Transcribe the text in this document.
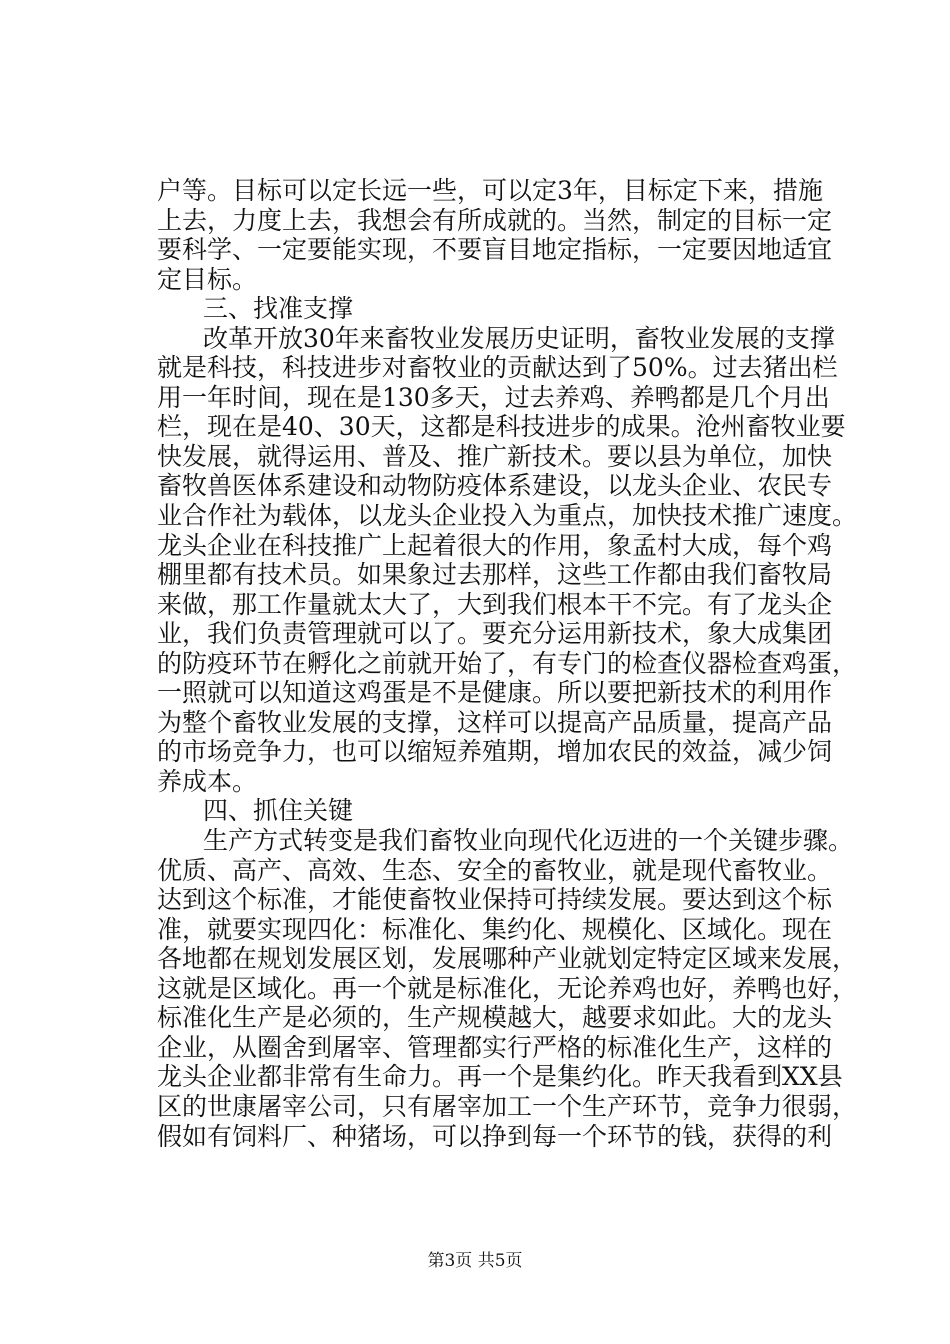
户等。目标可以定长远一些，可以定3年，目标定下来，措施
上去，力度上去，我想会有所成就的。当然，制定的目标一定
要科学、一定要能实现，不要盲目地定指标，一定要因地适宜
定目标。
三、找准支撑
改革开放30年来畜牧业发展历史证明，畜牧业发展的支撑
就是科技，科技进步对畜牧业的贡献达到了50%。过去猪出栏
用一年时间，现在是130多天，过去养鸡、养鸭都是几个月出
栏，现在是40、30天，这都是科技进步的成果。沧州畜牧业要
快发展，就得运用、普及、推广新技术。要以县为单位，加快
畜牧兽医体系建设和动物防疫体系建设，以龙头企业、农民专
业合作社为载体，以龙头企业投入为重点，加快技术推广速度。
龙头企业在科技推广上起着很大的作用，象孟村大成，每个鸡
棚里都有技术员。如果象过去那样，这些工作都由我们畜牧局
来做，那工作量就太大了，大到我们根本干不完。有了龙头企
业，我们负责管理就可以了。要充分运用新技术，象大成集团
的防疫环节在孵化之前就开始了，有专门的检查仪器检查鸡蛋，
一照就可以知道这鸡蛋是不是健康。所以要把新技术的利用作
为整个畜牧业发展的支撑，这样可以提高产品质量，提高产品
的市场竞争力，也可以缩短养殖期，增加农民的效益，减少饲
养成本。
四、抓住关键
生产方式转变是我们畜牧业向现代化迈进的一个关键步骤。
优质、高产、高效、生态、安全的畜牧业，就是现代畜牧业。
达到这个标准，才能使畜牧业保持可持续发展。要达到这个标
准，就要实现四化：标准化、集约化、规模化、区域化。现在
各地都在规划发展区划，发展哪种产业就划定特定区域来发展，
这就是区域化。再一个就是标准化，无论养鸡也好，养鸭也好，
标准化生产是必须的，生产规模越大，越要求如此。大的龙头
企业，从圈舍到屠宰、管理都实行严格的标准化生产，这样的
龙头企业都非常有生命力。再一个是集约化。昨天我看到XX县
区的世康屠宰公司，只有屠宰加工一个生产环节，竞争力很弱，
假如有饲料厂、种猪场，可以挣到每一个环节的钱，获得的利
第3页 共5页
